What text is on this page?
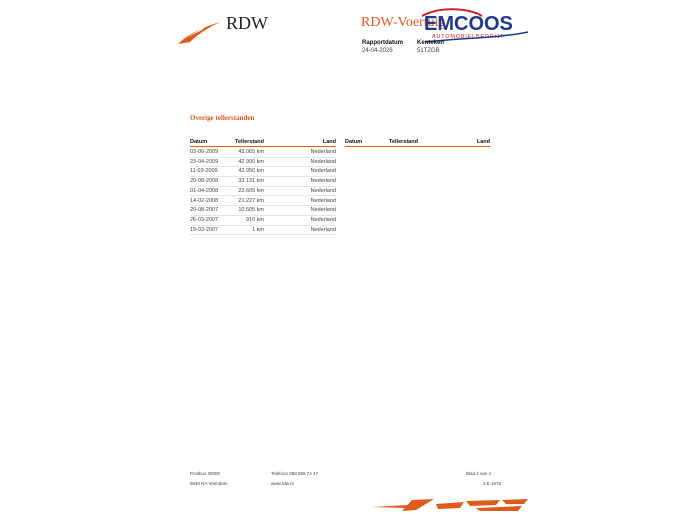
RDW	RDW-Voertuig
EMCOOS
AUTOMOBIELBEDRIJF
Rapportdatum
24-04-2026
Kenteken
51TZGB
Overige tellerstanden
Datum	Tellerstand	Land
03-06-2009	43.065 km	Nederland
23-04-2009	42.990 km	Nederland
11-03-2009	42.950 km	Nederland
20-08-2008	33.131 km	Nederland
01-04-2008	23.605 km	Nederland
14-02-2008	21.227 km	Nederland
20-08-2007	10.505 km	Nederland
26-03-2007	910 km	Nederland
19-03-2007	1 km	Nederland
Datum	Tellerstand	Land
Postbus 30000
9640 RA Veendam
Telefoon 088 008 74 47
www.rdw.nl
Blad 2 van 4
3.E.1978
